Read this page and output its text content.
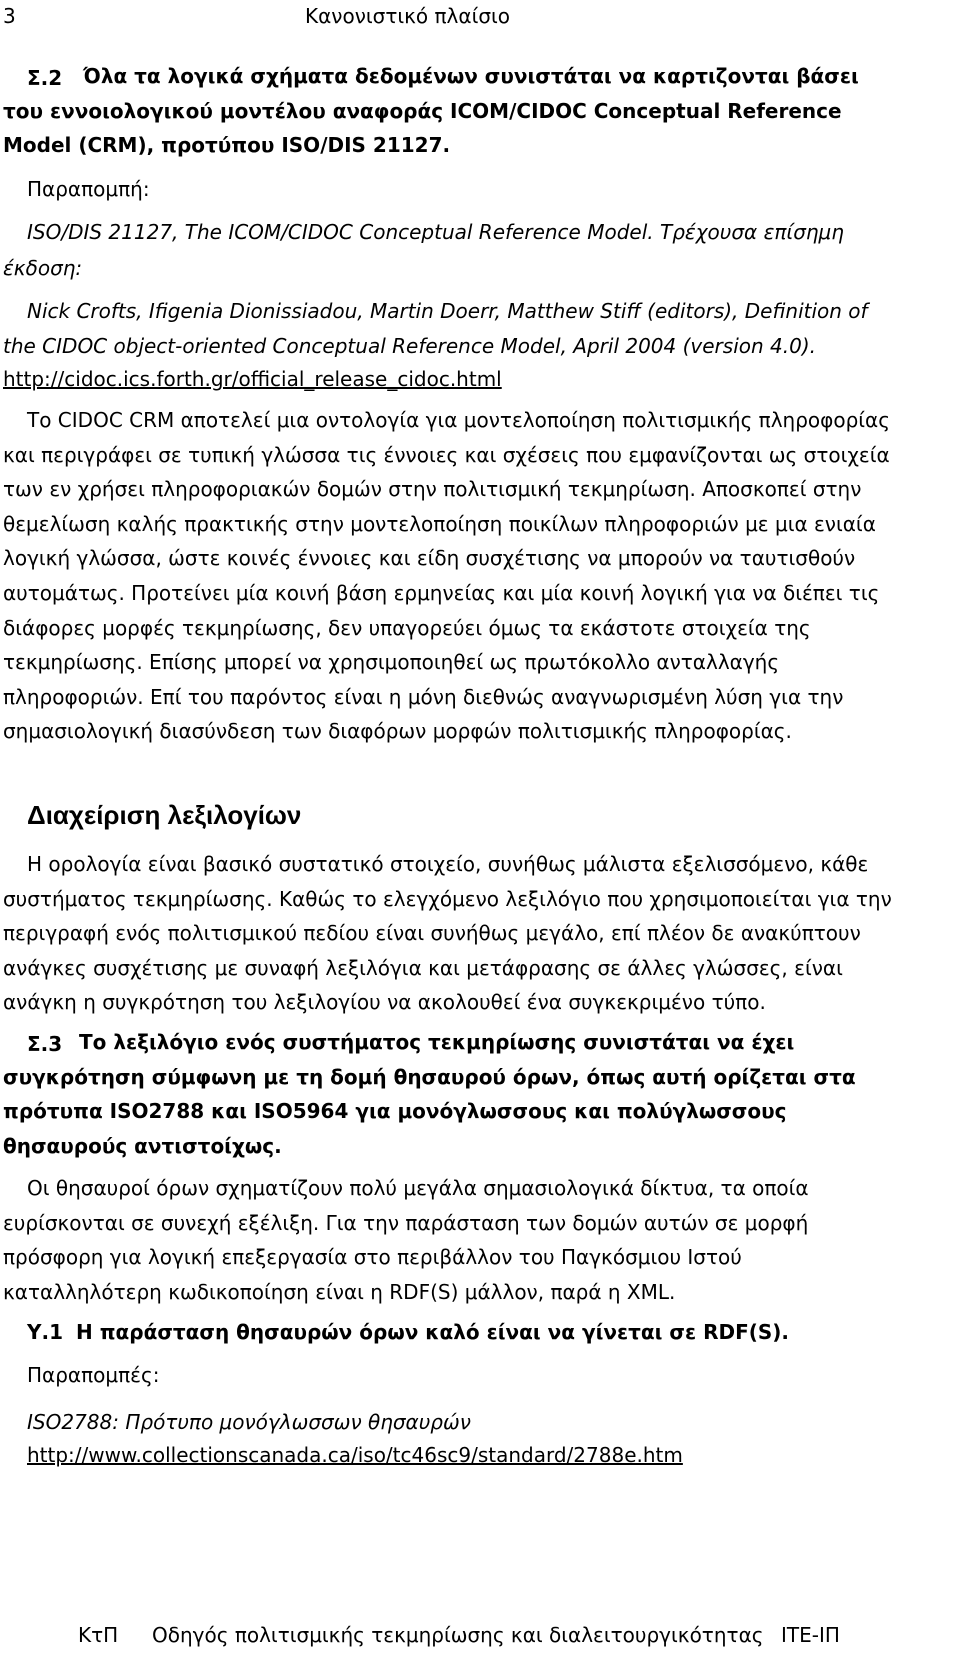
3	Κανονιστικό πλαίσιο
Σ.2	Όλα τα λογικά σχήματα δεδομένων συνιστάται να καρτιζονται βάσει
του εννοιολογικού μοντέλου αναφοράς ICOM/CIDOC Conceptual Reference
Model (CRM), προτύπου ISO/DIS 21127.
Παραπομπή:
ISO/DIS 21127, The ICOM/CIDOC Conceptual Reference Model. Τρέχουσα επίσημη
έκδοση:
Nick Crofts, Ifigenia Dionissiadou, Martin Doerr, Matthew Stiff (editors), Definition of
the CIDOC object-oriented Conceptual Reference Model, April 2004 (version 4.0).
http://cidoc.ics.forth.gr/official_release_cidoc.html
Το CIDOC CRM αποτελεί μια οντολογία για μοντελοποίηση πολιτισμικής πληροφορίας
και περιγράφει σε τυπική γλώσσα τις έννοιες και σχέσεις που εμφανίζονται ως στοιχεία
των εν χρήσει πληροφοριακών δομών στην πολιτισμική τεκμηρίωση. Αποσκοπεί στην
θεμελίωση καλής πρακτικής στην μοντελοποίηση ποικίλων πληροφοριών με μια ενιαία
λογική γλώσσα, ώστε κοινές έννοιες και είδη συσχέτισης να μπορούν να ταυτισθούν
αυτομάτως. Προτείνει μία κοινή βάση ερμηνείας και μία κοινή λογική για να διέπει τις
διάφορες μορφές τεκμηρίωσης, δεν υπαγορεύει όμως τα εκάστοτε στοιχεία της
τεκμηρίωσης. Επίσης μπορεί να χρησιμοποιηθεί ως πρωτόκολλο ανταλλαγής
πληροφοριών. Επί του παρόντος είναι η μόνη διεθνώς αναγνωρισμένη λύση για την
σημασιολογική διασύνδεση των διαφόρων μορφών πολιτισμικής πληροφορίας.
Διαχείριση λεξιλογίων
Η ορολογία είναι βασικό συστατικό στοιχείο, συνήθως μάλιστα εξελισσόμενο, κάθε
συστήματος τεκμηρίωσης. Καθώς το ελεγχόμενο λεξιλόγιο που χρησιμοποιείται για την
περιγραφή ενός πολιτισμικού πεδίου είναι συνήθως μεγάλο, επί πλέον δε ανακύπτουν
ανάγκες συσχέτισης με συναφή λεξιλόγια και μετάφρασης σε άλλες γλώσσες, είναι
ανάγκη η συγκρότηση του λεξιλογίου να ακολουθεί ένα συγκεκριμένο τύπο.
Σ.3 Το λεξιλόγιο ενός συστήματος τεκμηρίωσης συνιστάται να έχει
συγκρότηση σύμφωνη με τη δομή θησαυρού όρων, όπως αυτή ορίζεται στα
πρότυπα ISO2788 και ISO5964 για μονόγλωσσους και πολύγλωσσους
θησαυρούς αντιστοίχως.
Οι θησαυροί όρων σχηματίζουν πολύ μεγάλα σημασιολογικά δίκτυα, τα οποία
ευρίσκονται σε συνεχή εξέλιξη. Για την παράσταση των δομών αυτών σε μορφή
πρόσφορη για λογική επεξεργασία στο περιβάλλον του Παγκόσμιου Ιστού
καταλληλότερη κωδικοποίηση είναι η RDF(S) μάλλον, παρά η XML.
Υ.1 Η παράσταση θησαυρών όρων καλό είναι να γίνεται σε RDF(S).
Παραπομπές:
ISO2788: Πρότυπο μονόγλωσσων θησαυρών
http://www.collectionscanada.ca/iso/tc46sc9/standard/2788e.htm
ΚτΠ Οδηγός πολιτισμικής τεκμηρίωσης και διαλειτουργικότητας ΙΤΕ-ΙΠ
